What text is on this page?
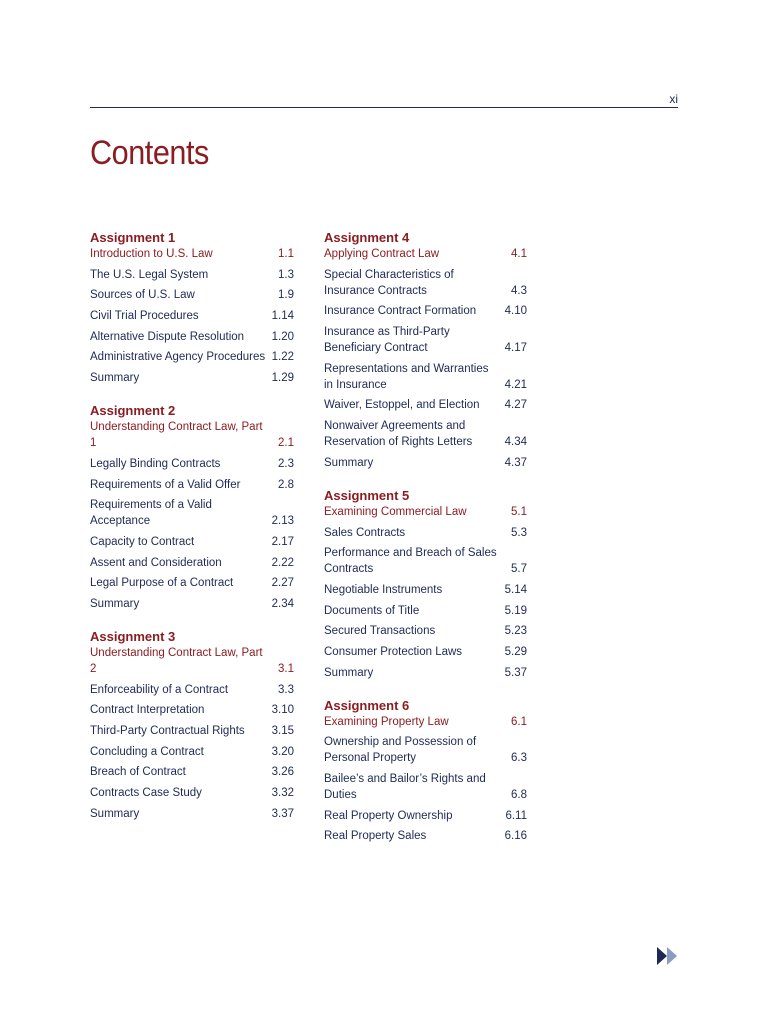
xi
Contents
Assignment 1
Introduction to U.S. Law	1.1
The U.S. Legal System	1.3
Sources of U.S. Law	1.9
Civil Trial Procedures	1.14
Alternative Dispute Resolution	1.20
Administrative Agency Procedures 1.22
Summary	1.29
Assignment 2
Understanding Contract Law, Part 1	2.1
Legally Binding Contracts	2.3
Requirements of a Valid Offer	2.8
Requirements of a Valid Acceptance	2.13
Capacity to Contract	2.17
Assent and Consideration	2.22
Legal Purpose of a Contract	2.27
Summary	2.34
Assignment 3
Understanding Contract Law, Part 2	3.1
Enforceability of a Contract	3.3
Contract Interpretation	3.10
Third-Party Contractual Rights	3.15
Concluding a Contract	3.20
Breach of Contract	3.26
Contracts Case Study	3.32
Summary	3.37
Assignment 4
Applying Contract Law	4.1
Special Characteristics of Insurance Contracts	4.3
Insurance Contract Formation	4.10
Insurance as Third-Party Beneficiary Contract	4.17
Representations and Warranties in Insurance	4.21
Waiver, Estoppel, and Election	4.27
Nonwaiver Agreements and Reservation of Rights Letters	4.34
Summary	4.37
Assignment 5
Examining Commercial Law	5.1
Sales Contracts	5.3
Performance and Breach of Sales Contracts	5.7
Negotiable Instruments	5.14
Documents of Title	5.19
Secured Transactions	5.23
Consumer Protection Laws	5.29
Summary	5.37
Assignment 6
Examining Property Law	6.1
Ownership and Possession of Personal Property	6.3
Bailee’s and Bailor’s Rights and Duties	6.8
Real Property Ownership	6.11
Real Property Sales	6.16
